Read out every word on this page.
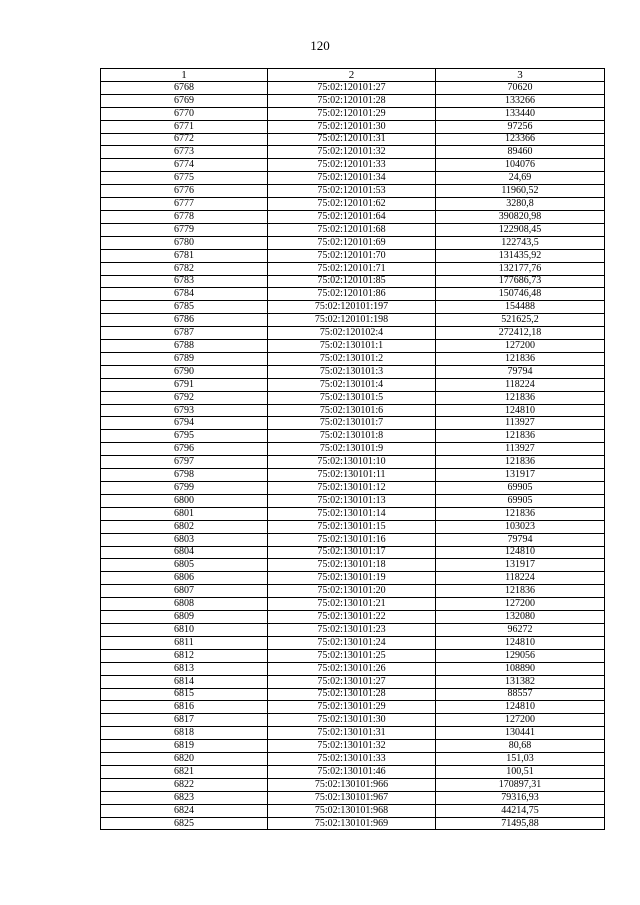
120
1	2	3
6768	75:02:120101:27	70620
6769	75:02:120101:28	133266
6770	75:02:120101:29	133440
6771	75:02:120101:30	97256
6772	75:02:120101:31	123366
6773	75:02:120101:32	89460
6774	75:02:120101:33	104076
6775	75:02:120101:34	24,69
6776	75:02:120101:53	11960,52
6777	75:02:120101:62	3280,8
6778	75:02:120101:64	390820,98
6779	75:02:120101:68	122908,45
6780	75:02:120101:69	122743,5
6781	75:02:120101:70	131435,92
6782	75:02:120101:71	132177,76
6783	75:02:120101:85	177686,73
6784	75:02:120101:86	150746,48
6785	75:02:120101:197	154488
6786	75:02:120101:198	521625,2
6787	75:02:120102:4	272412,18
6788	75:02:130101:1	127200
6789	75:02:130101:2	121836
6790	75:02:130101:3	79794
6791	75:02:130101:4	118224
6792	75:02:130101:5	121836
6793	75:02:130101:6	124810
6794	75:02:130101:7	113927
6795	75:02:130101:8	121836
6796	75:02:130101:9	113927
6797	75:02:130101:10	121836
6798	75:02:130101:11	131917
6799	75:02:130101:12	69905
6800	75:02:130101:13	69905
6801	75:02:130101:14	121836
6802	75:02:130101:15	103023
6803	75:02:130101:16	79794
6804	75:02:130101:17	124810
6805	75:02:130101:18	131917
6806	75:02:130101:19	118224
6807	75:02:130101:20	121836
6808	75:02:130101:21	127200
6809	75:02:130101:22	132080
6810	75:02:130101:23	96272
6811	75:02:130101:24	124810
6812	75:02:130101:25	129056
6813	75:02:130101:26	108890
6814	75:02:130101:27	131382
6815	75:02:130101:28	88557
6816	75:02:130101:29	124810
6817	75:02:130101:30	127200
6818	75:02:130101:31	130441
6819	75:02:130101:32	80,68
6820	75:02:130101:33	151,03
6821	75:02:130101:46	100,51
6822	75:02:130101:966	170897,31
6823	75:02:130101:967	79316,93
6824	75:02:130101:968	44214,75
6825	75:02:130101:969	71495,88
